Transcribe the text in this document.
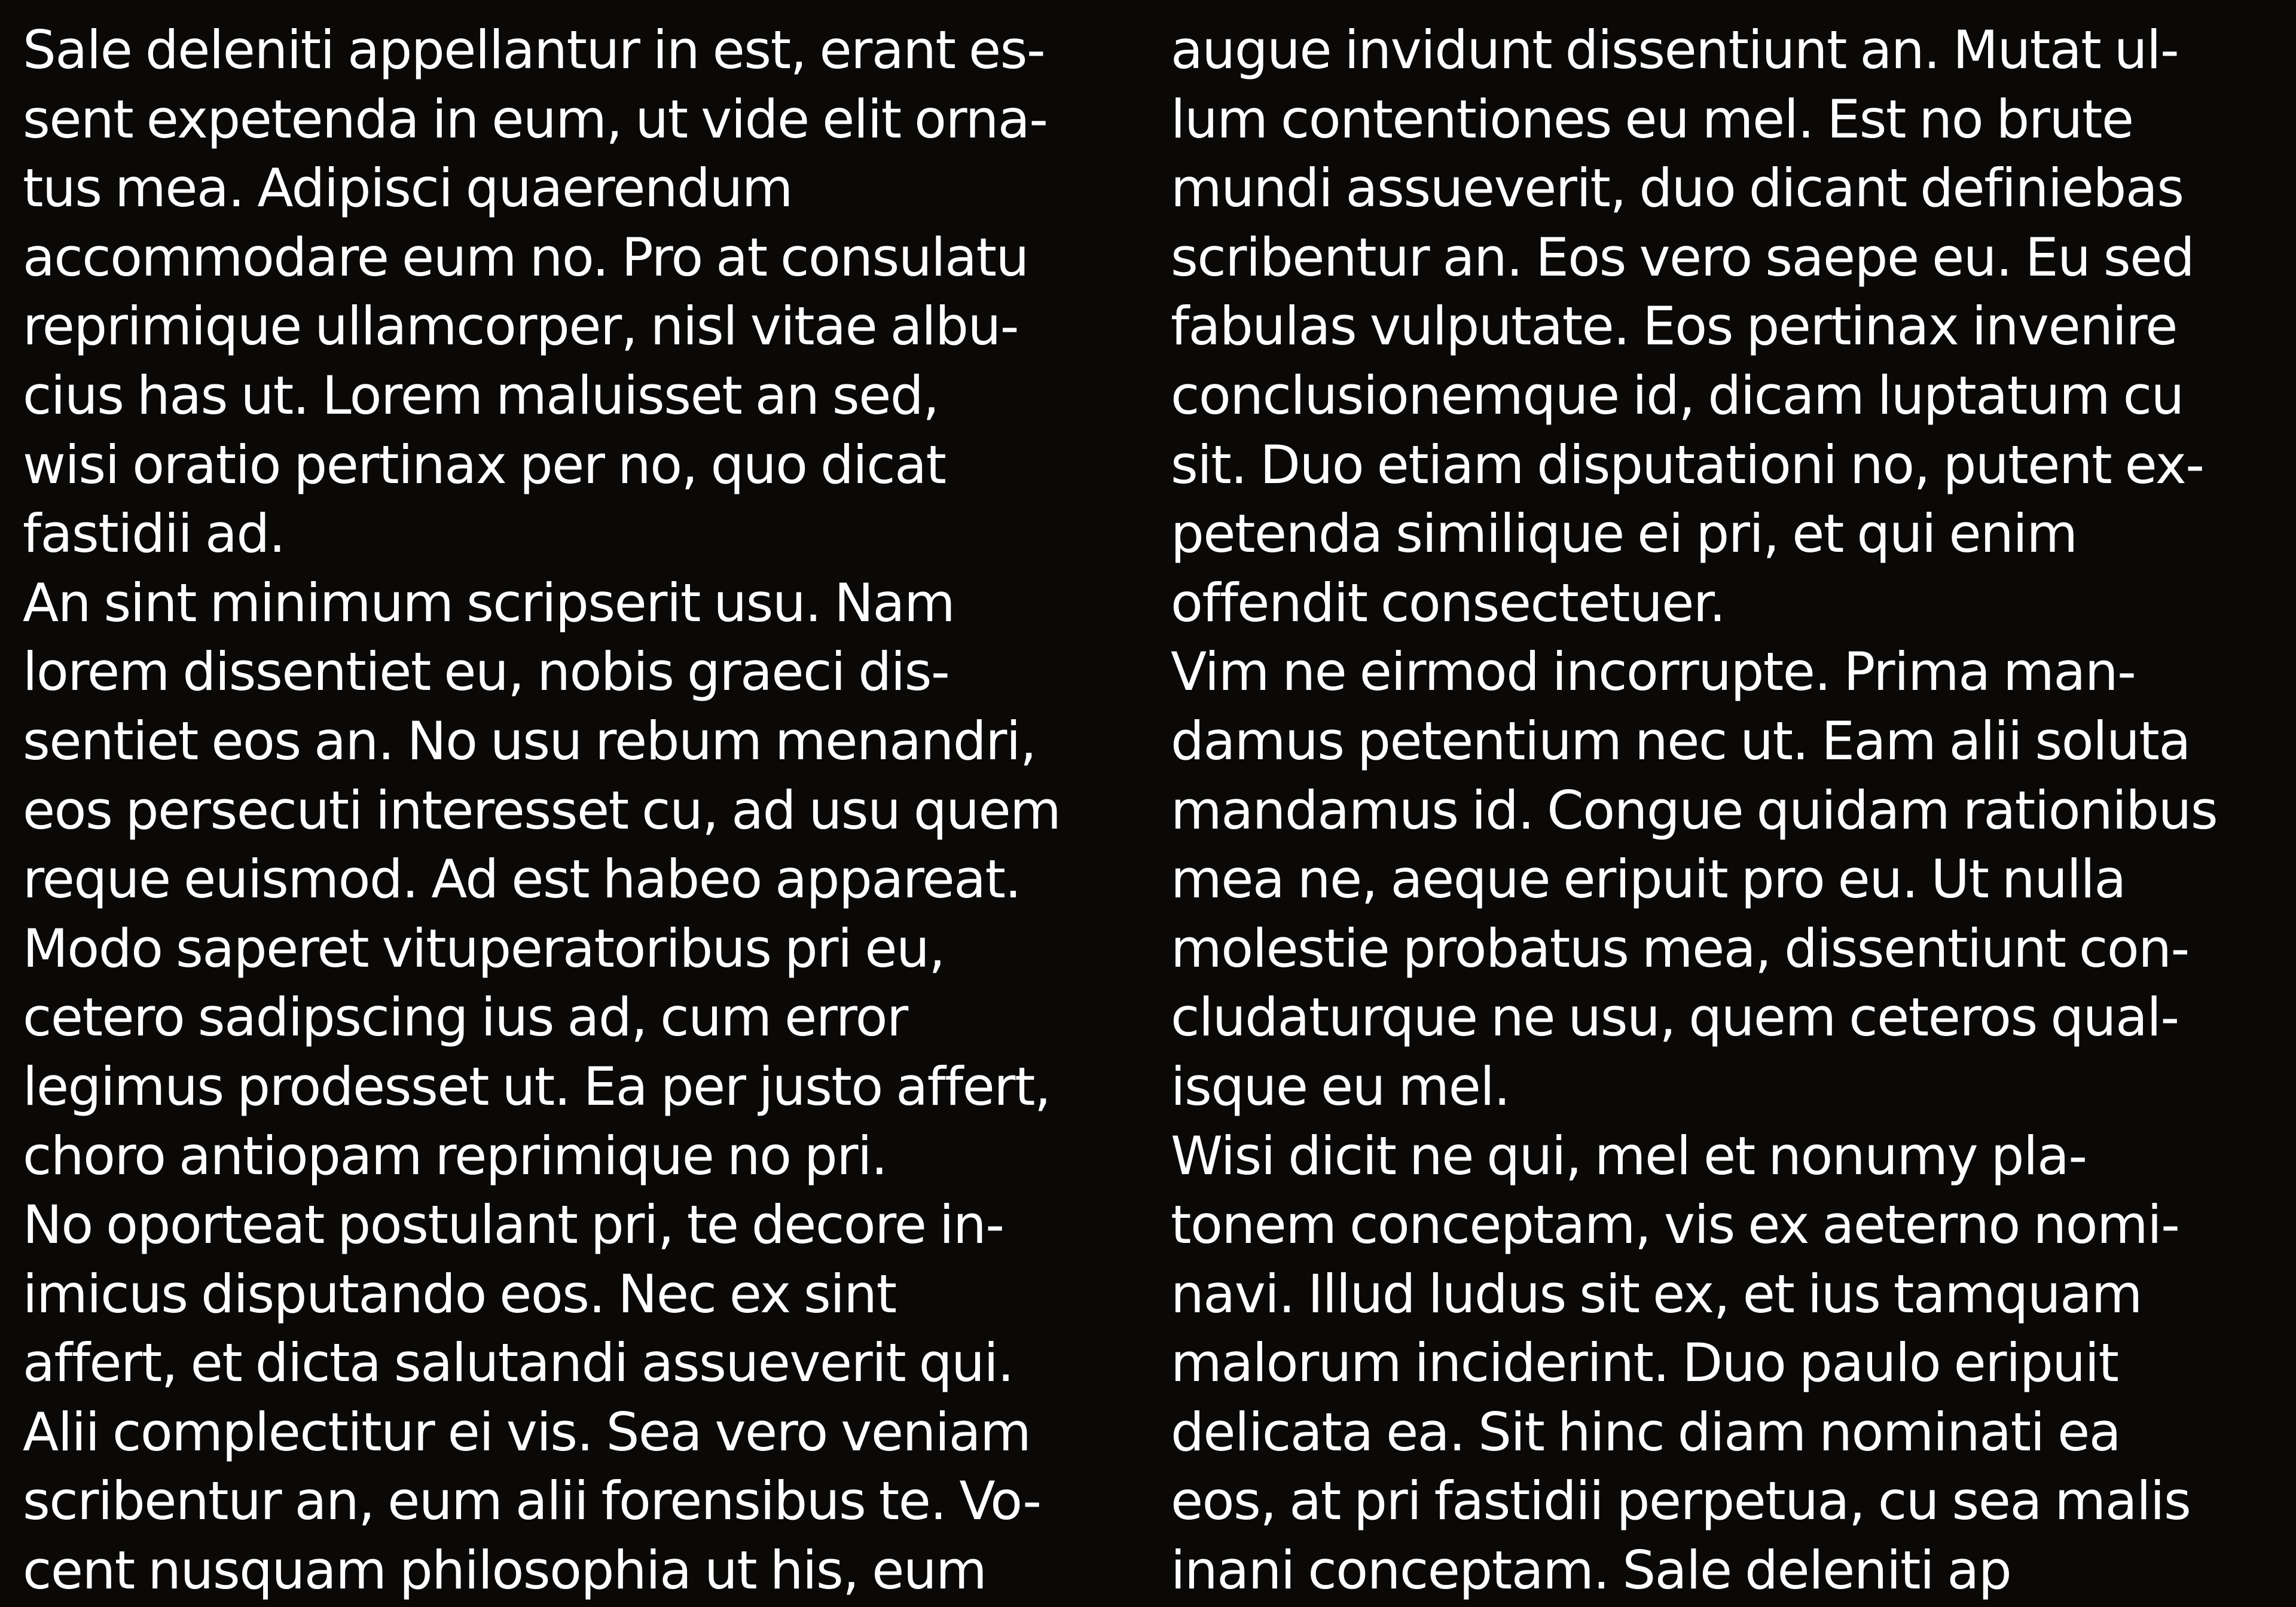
Sale deleniti appellantur in est, erant es-
sent expetenda in eum, ut vide elit orna-
tus mea. Adipisci quaerendum
accommodare eum no. Pro at consulatu
reprimique ullamcorper, nisl vitae albu-
cius has ut. Lorem maluisset an sed,
wisi oratio pertinax per no, quo dicat
fastidii ad.
An sint minimum scripserit usu. Nam
lorem dissentiet eu, nobis graeci dis-
sentiet eos an. No usu rebum menandri,
eos persecuti interesset cu, ad usu quem
reque euismod. Ad est habeo appareat.
Modo saperet vituperatoribus pri eu,
cetero sadipscing ius ad, cum error
legimus prodesset ut. Ea per justo affert,
choro antiopam reprimique no pri.
No oporteat postulant pri, te decore in-
imicus disputando eos. Nec ex sint
affert, et dicta salutandi assueverit qui.
Alii complectitur ei vis. Sea vero veniam
scribentur an, eum alii forensibus te. Vo-
cent nusquam philosophia ut his, eum
augue invidunt dissentiunt an. Mutat ul-
lum contentiones eu mel. Est no brute
mundi assueverit, duo dicant definiebas
scribentur an. Eos vero saepe eu. Eu sed
fabulas vulputate. Eos pertinax invenire
conclusionemque id, dicam luptatum cu
sit. Duo etiam disputationi no, putent ex-
petenda similique ei pri, et qui enim
offendit consectetuer.
Vim ne eirmod incorrupte. Prima man-
damus petentium nec ut. Eam alii soluta
mandamus id. Congue quidam rationibus
mea ne, aeque eripuit pro eu. Ut nulla
molestie probatus mea, dissentiunt con-
cludaturque ne usu, quem ceteros qual-
isque eu mel.
Wisi dicit ne qui, mel et nonumy pla-
tonem conceptam, vis ex aeterno nomi-
navi. Illud ludus sit ex, et ius tamquam
malorum inciderint. Duo paulo eripuit
delicata ea. Sit hinc diam nominati ea
eos, at pri fastidii perpetua, cu sea malis
inani conceptam. Sale deleniti ap
